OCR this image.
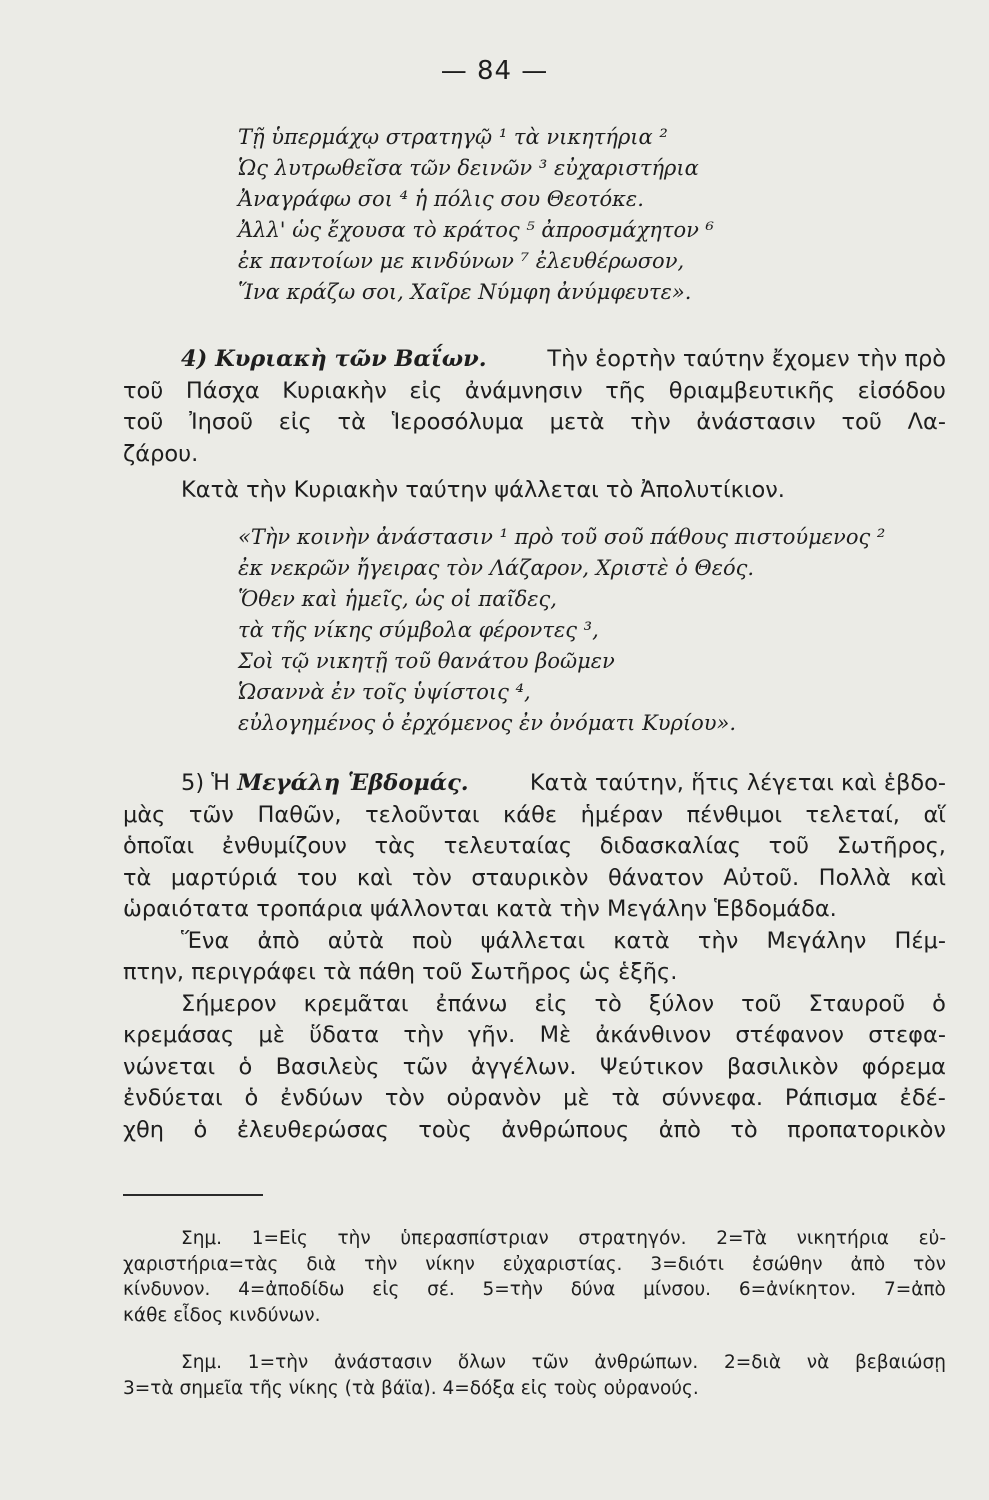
— 84 —
Τῇ ὑπερμάχῳ στρατηγῷ ¹ τὰ νικητήρια ²
Ὡς λυτρωθεῖσα τῶν δεινῶν ³ εὐχαριστήρια
Ἀναγράφω σοι ⁴ ἡ πόλις σου Θεοτόκε.
Ἀλλ' ὡς ἔχουσα τὸ κράτος ⁵ ἀπροσμάχητον ⁶
ἐκ παντοίων με κινδύνων ⁷ ἐλευθέρωσον,
Ἵνα κράζω σοι, Χαῖρε Νύμφη ἀνύμφευτε».
4) Κυριακὴ τῶν Βαΐων.	Τὴν ἑορτὴν ταύτην ἔχομεν τὴν πρὸ
τοῦ Πάσχα Κυριακὴν εἰς ἀνάμνησιν τῆς θριαμβευτικῆς εἰσόδου
τοῦ Ἰησοῦ εἰς τὰ Ἱεροσόλυμα μετὰ τὴν ἀνάστασιν τοῦ Λα-
ζάρου.
Κατὰ τὴν Κυριακὴν ταύτην ψάλλεται τὸ Ἀπολυτίκιον.
«Τὴν κοινὴν ἀνάστασιν ¹ πρὸ τοῦ σοῦ πάθους πιστούμενος ²
ἐκ νεκρῶν ἤγειρας τὸν Λάζαρον, Χριστὲ ὁ Θεός.
Ὅθεν καὶ ἡμεῖς, ὡς οἱ παῖδες,
τὰ τῆς νίκης σύμβολα φέροντες ³,
Σοὶ τῷ νικητῇ τοῦ θανάτου βοῶμεν
Ὡσαννὰ ἐν τοῖς ὑψίστοις ⁴,
εὐλογημένος ὁ ἐρχόμενος ἐν ὀνόματι Κυρίου».
5) Ἡ Μεγάλη Ἑβδομάς.	Κατὰ ταύτην, ἥτις λέγεται καὶ ἑβδο-
μὰς τῶν Παθῶν, τελοῦνται κάθε ἡμέραν πένθιμοι τελεταί, αἵ
ὁποῖαι ἐνθυμίζουν τὰς τελευταίας διδασκαλίας τοῦ Σωτῆρος,
τὰ μαρτύριά του καὶ τὸν σταυρικὸν θάνατον Αὐτοῦ. Πολλὰ καὶ
ὡραιότατα τροπάρια ψάλλονται κατὰ τὴν Μεγάλην Ἑβδομάδα.
Ἕνα ἀπὸ αὐτὰ ποὺ ψάλλεται κατὰ τὴν Μεγάλην Πέμ-
πτην, περιγράφει τὰ πάθη τοῦ Σωτῆρος ὡς ἑξῆς.
Σήμερον κρεμᾶται ἐπάνω εἰς τὸ ξύλον τοῦ Σταυροῦ ὁ
κρεμάσας μὲ ὕδατα τὴν γῆν. Μὲ ἀκάνθινον στέφανον στεφα-
νώνεται ὁ Βασιλεὺς τῶν ἀγγέλων. Ψεύτικον βασιλικὸν φόρεμα
ἐνδύεται ὁ ἐνδύων τὸν οὐρανὸν μὲ τὰ σύννεφα. Ράπισμα ἐδέ-
χθη ὁ ἐλευθερώσας τοὺς ἀνθρώπους ἀπὸ τὸ προπατορικὸν
Σημ. 1=Εἰς τὴν ὑπερασπίστριαν στρατηγόν. 2=Τὰ νικητήρια εὐ-
χαριστήρια=τὰς διὰ τὴν νίκην εὐχαριστίας. 3=διότι ἐσώθην ἀπὸ τὸν
κίνδυνον. 4=ἀποδίδω εἰς σέ. 5=τὴν δύνα μίνσου. 6=ἀνίκητον. 7=ἀπὸ
κάθε εἶδος κινδύνων.
Σημ. 1=τὴν ἀνάστασιν ὅλων τῶν ἀνθρώπων. 2=διὰ νὰ βεβαιώσῃ
3=τὰ σημεῖα τῆς νίκης (τὰ βάϊα). 4=δόξα εἰς τοὺς οὐρανούς.
